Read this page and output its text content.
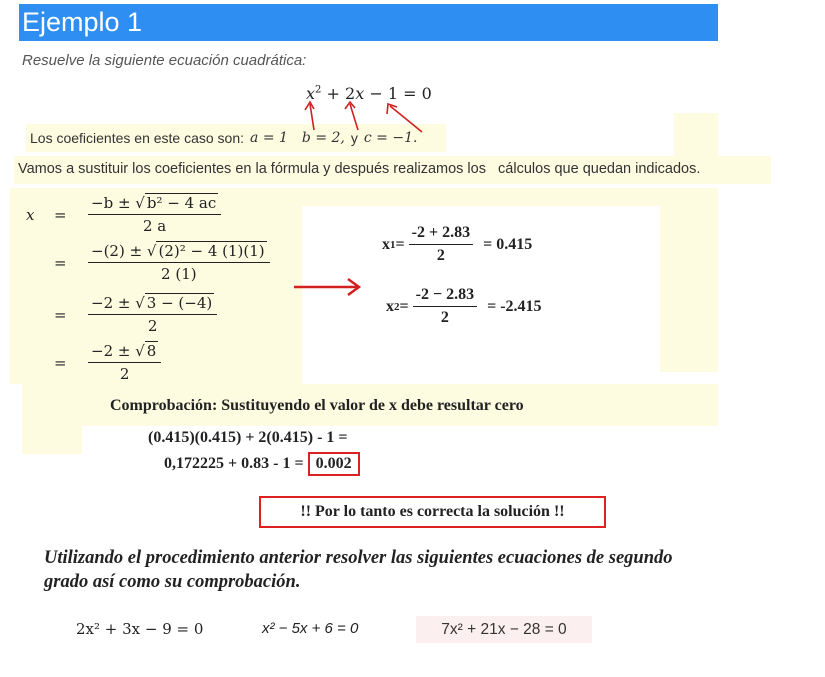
Ejemplo 1
Resuelve la siguiente ecuación cuadrática:
$x^2 + 2x - 1 = 0$
Los coeficientes en este caso son: a = 1 b = 2, y c = −1.
Vamos a sustituir los coeficientes en la fórmula y después realizamos los   cálculos que quedan indicados.
x	=	$\frac{\text{−b ± √ b² − 4 ac}}{2 a}$
=	$\frac{\text{−(2) ± √ (2)² − 4 (1)(1)}}{2 (1)}$
=	$\frac{-2 \pm √ 3 - (-4)}{2}$
=	$\frac{-2 \pm √ 8}{2}$
x $1 = \frac{-2 + 2.83}{2} = 0.415$
x $2 = \frac{-2 - 2.83}{2} = -2.415$
Comprobación: Sustituyendo el valor de x debe resultar cero
(0.415)(0.415) + 2(0.415) - 1 =
0,172225 + 0.83 - 1 = 0.002
!! Por lo tanto es correcta la solución !!
Utilizando el procedimiento anterior resolver las siguientes ecuaciones de segundo grado así como su comprobación.
2x² + 3x − 9 = 0	x² − 5x + 6 = 0	7x² + 21x − 28 = 0
